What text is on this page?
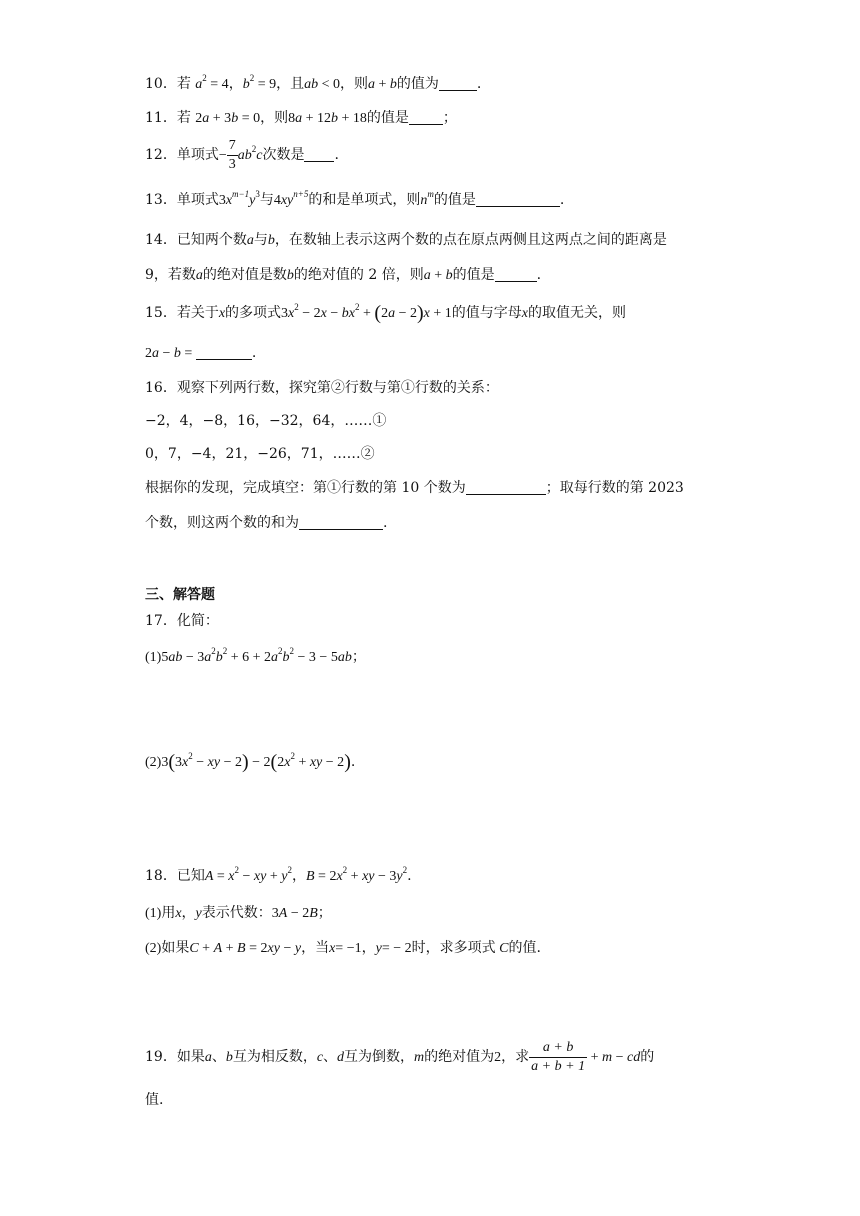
10．若 $a^2 = 4$，$b^2 = 9$，且ab < 0，则a + b的值为	.
11．若 2a + 3b = 0，则8a + 12b + 18的值是 ；
12．单项式− $\frac{7}{3} ab^2c$次数是 .
13．单项式$3x^{m-1}y^3$与$4xy^{n+5}$的和是单项式，则$n^m$的值是	.
14．已知两个数a与b，在数轴上表示这两个数的点在原点两侧且这两点之间的距离是
9，若数a的绝对值是数b的绝对值的 2 倍，则a + b的值是	.
15．若关于x的多项式$3x^2 - 2x - bx^2 + (2a - 2)x + 1$的值与字母x的取值无关，则
2a − b =	.
16．观察下列两行数，探究第②行数与第①行数的关系：
−2，4，−8，16，−32，64，……①
0，7，−4，21，−26，71，……②
根据你的发现，完成填空：第①行数的第 10 个数为	；取每行数的第 2023
个数，则这两个数的和为	.
三、解答题
17．化简：
$(1)5ab - 3a^2b^2 + 6 + 2a^2b^2 - 3 - 5ab$；
$(2)3(3x^2$ − xy − $2) - 2(2x^2$ + xy − 2).
18．已知$A = x^2$ − xy + $y^2$，$B = 2x^2$ + xy − $3y^2$.
(1)用x，y表示代数：3A − 2B；
(2)如果C + A + B = 2xy − y，当x= −1，y= − 2时，求多项式 C的值.
19．如果a、b互为相反数，c、d互为倒数，m的绝对值为2，求 $\frac{a + b}{a + b + 1} + m$ − cd的
值.
